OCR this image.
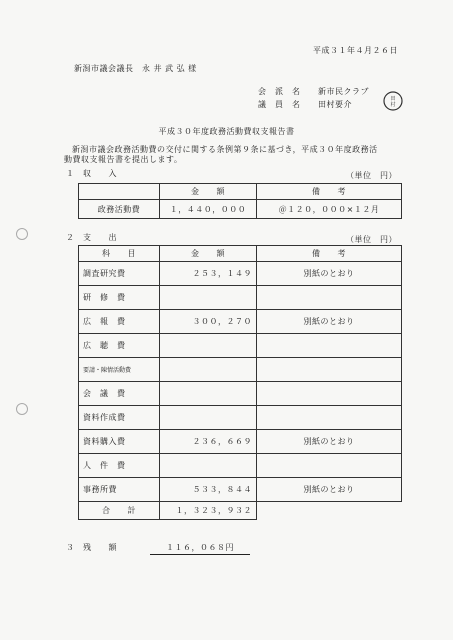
平成３１年４月２６日
新潟市議会議長　永 井 武 弘 様
会　派　名 新市民クラブ
議　員　名 田村要介
田
村
平成３０年度政務活動費収支報告書
新潟市議会政務活動費の交付に関する条例第９条に基づき，平成３０年度政務活
動費収支報告書を提出します。
１　収　　入	（単位　円）
	金　　額	備　　考
政務活動費	１，４４０，０００	＠１２０，０００×１２月
２　支　　出	（単位　円）
科　　目	金　　額	備　　考
調査研究費	２５３，１４９	別紙のとおり
研　修　費		
広　報　費	３００，２７０	別紙のとおり
広　聴　費		
要請・陳情活動費		
会　議　費		
資料作成費		
資料購入費	２３６，６６９	別紙のとおり
人　件　費		
事務所費	５３３，８４４	別紙のとおり
合　　計	１，３２３，９３２	
３　残　　額	１１６，０６８円
